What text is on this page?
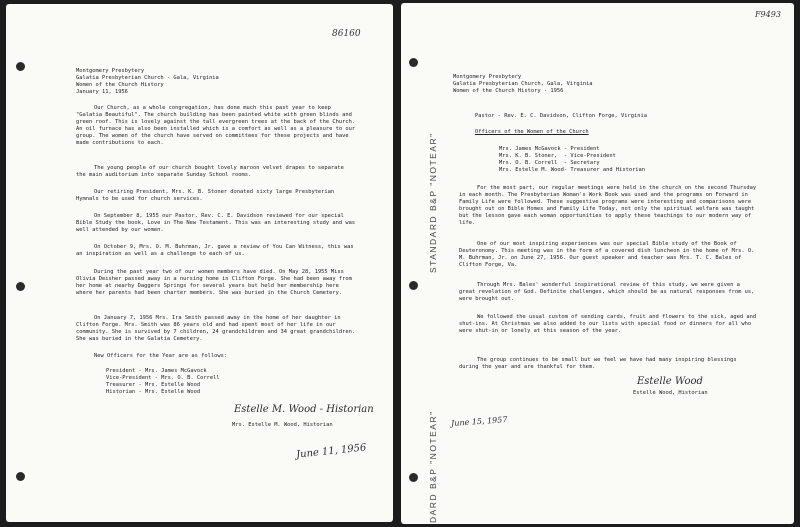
86160
Montgomery Presbytery
Galatia Presbyterian Church - Gala, Virginia
Women of the Church History
January 11, 1956
Our Church, as a whole congregation, has done much this past year to keep "Galatia Beautiful". The church building has been painted white with green blinds and green roof. This is lovely against the tall evergreen trees at the back of the Church. An oil furnace has also been installed which is a comfort as well as a pleasure to our group. The women of the church have served on committees for these projects and have made contributions to each.
The young people of our church bought lovely maroon velvet drapes to separate the main auditorium into separate Sunday School rooms.
Our retiring President, Mrs. K. B. Stoner donated sixty large Presbyterian Hymnals to be used for church services.
On September 8, 1955 our Pastor, Rev. C. E. Davidson reviewed for our special Bible Study the book, Love in The New Testament. This was an interesting study and was well attended by our women.
On October 9, Mrs. O. M. Buhrman, Jr. gave a review of You Can Witness, this was an inspiration as well as a challenge to each of us.
During the past year two of our women members have died. On May 28, 1955 Miss Olivia Deisher passed away in a nursing home in Clifton Forge. She had been away from her home at nearby Daggers Springs for several years but held her membership here where her parents had been charter members. She was buried in the Church Cemetery.
On January 7, 1956 Mrs. Ira Smith passed away in the home of her daughter in Clifton Forge. Mrs. Smith was 86 years old and had spent most of her life in our community. She is survived by 7 children, 24 grandchildren and 34 great grandchildren. She was buried in the Galatia Cemetery.
New Officers for the Year are as follows:
President - Mrs. James McGavock
Vice-President - Mrs. O. B. Correll
Treasurer - Mrs. Estelle Wood
Historian - Mrs. Estelle Wood
Estelle M. Wood - Historian
Mrs. Estelle M. Wood, Historian
June 11, 1956
F9493
STANDARD B&P "NOTEAR"
DARD B&P "NOTEAR"
Montgomery Presbytery
Galatia Presbyterian Church, Gala, Virginia
Women of the Church History - 1956
Pastor - Rev. E. C. Davidson, Clifton Forge, Virginia
Officers of the Women of the Church
Mrs. James McGavock - President
Mrs. K. B. Stoner,  - Vice-President
Mrs. O. B. Correll  - Secretary
Mrs. Estelle M. Wood- Treasurer and Historian
For the most part, our regular meetings were held in the church on the second Thursday in each month. The Presbyterian Woman's Work Book was used and the programs on Forward in Family Life were followed. These suggestive programs were interesting and comparisons were brought out on Bible Homes and Family Life Today, not only the spiritual welfare was taught but the lesson gave each woman opportunities to apply these teachings to our modern way of life.
One of our most inspiring experiences was our special Bible study of the Book of Deuteronomy. This meeting was in the form of a covered dish luncheon in the home of Mrs. O. M. Buhrman, Jr. on June 27, 1956. Our guest speaker and teacher was Mrs. T. C. Bales of Clifton Forge, Va.
Through Mrs. Bales' wonderful inspirational review of this study, we were given a great revelation of God. Definite challenges, which should be as natural responses from us, were brought out.
We followed the usual custom of sending cards, fruit and flowers to the sick, aged and shut-ins. At Christmas we also added to our lists with special food or dinners for all who were shut-in or lonely at this season of the year.
The group continues to be small but we feel we have had many inspiring blessings during the year and are thankful for them.
Estelle Wood
Estelle Wood, Historian
June 15, 1957
